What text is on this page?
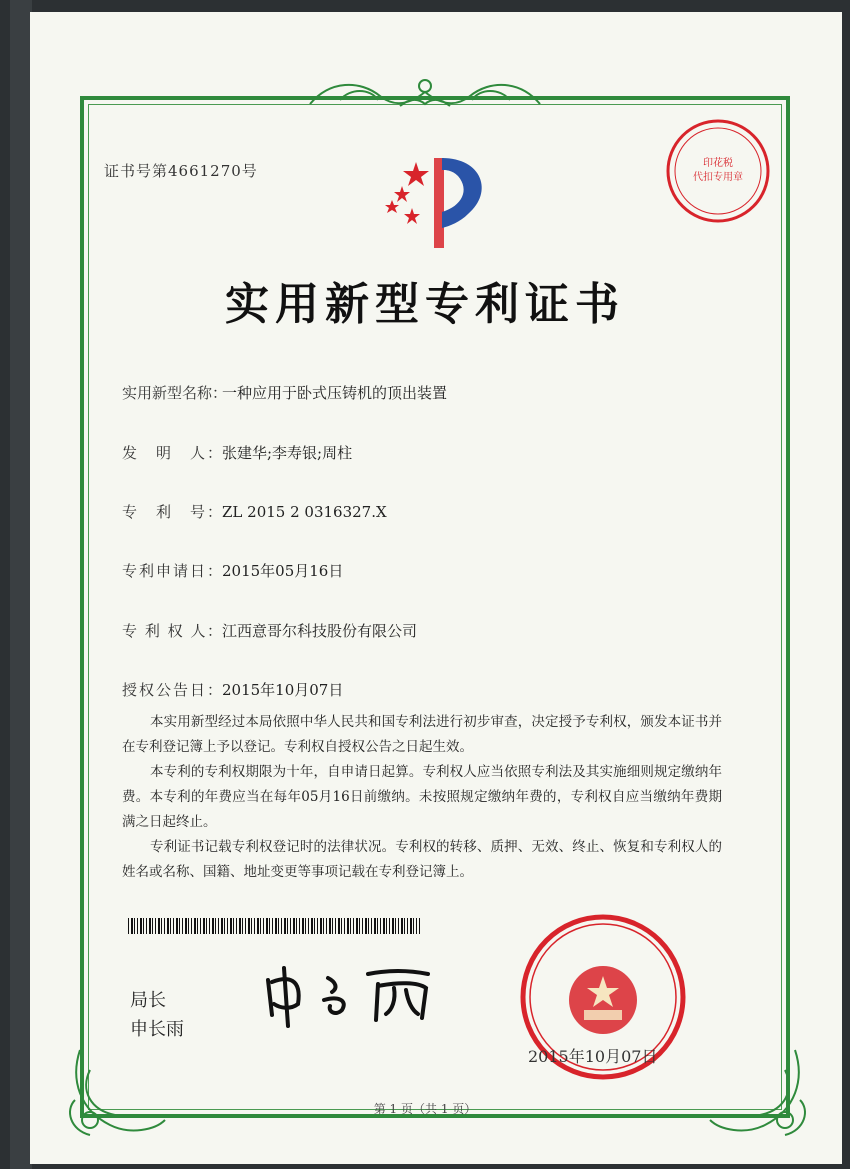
证书号第4661270号	印花税
代扣专用章
实用新型专利证书
实用新型名称：一种应用于卧式压铸机的顶出装置
发　明　人：张建华;李寿银;周柱
专　利　号：ZL 2015 2 0316327.X
专利申请日：2015年05月16日
专 利 权 人：江西意哥尔科技股份有限公司
授权公告日：2015年10月07日
本实用新型经过本局依照中华人民共和国专利法进行初步审查，决定授予专利权，颁发本证书并在专利登记簿上予以登记。专利权自授权公告之日起生效。
本专利的专利权期限为十年，自申请日起算。专利权人应当依照专利法及其实施细则规定缴纳年费。本专利的年费应当在每年05月16日前缴纳。未按照规定缴纳年费的，专利权自应当缴纳年费期满之日起终止。
专利证书记载专利权登记时的法律状况。专利权的转移、质押、无效、终止、恢复和专利权人的姓名或名称、国籍、地址变更等事项记载在专利登记簿上。
局长
申长雨
2015年10月07日
第 1 页（共 1 页）
